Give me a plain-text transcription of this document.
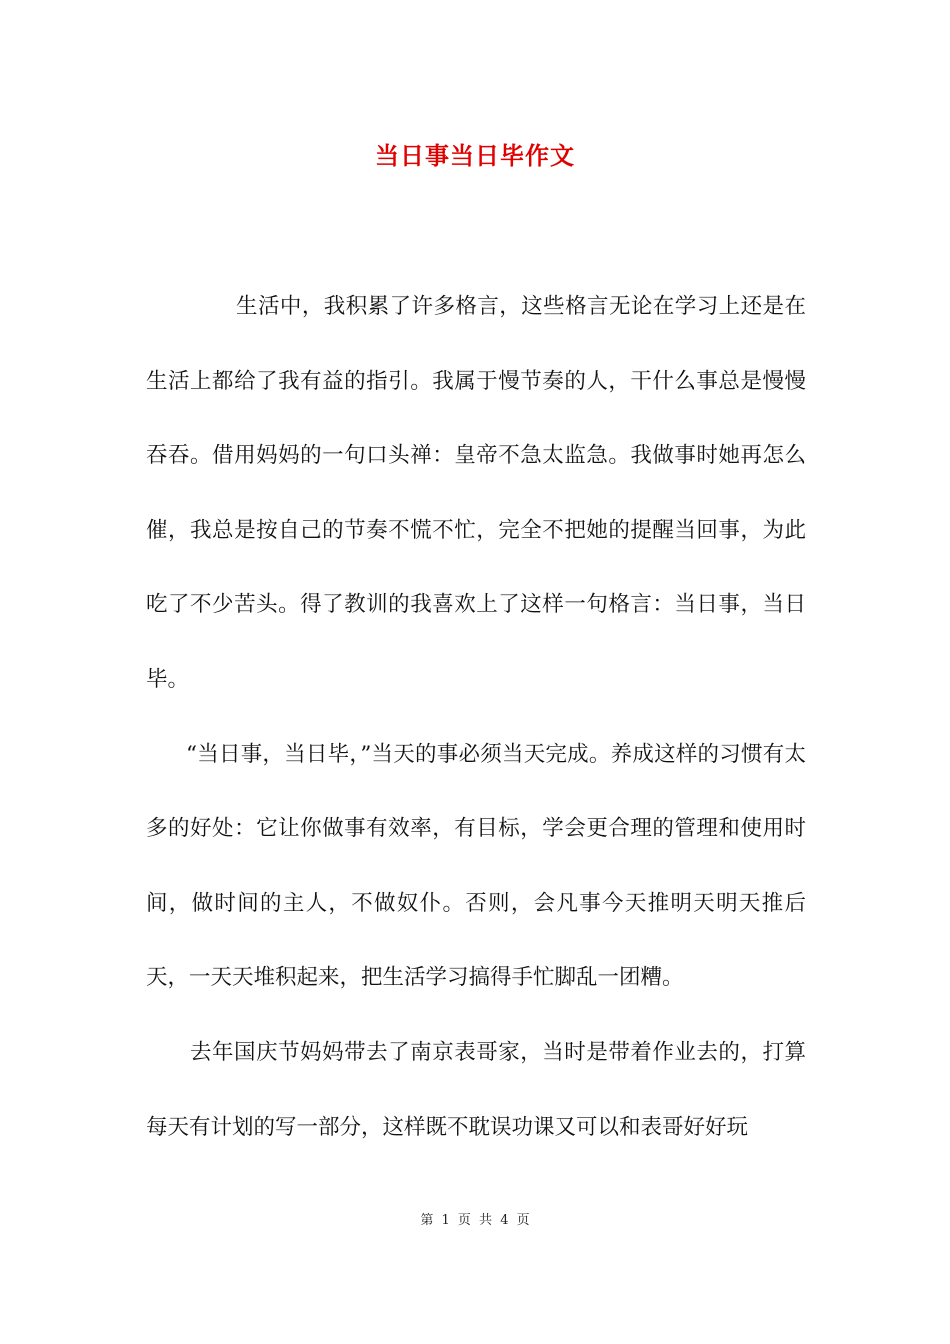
当日事当日毕作文

生活中，我积累了许多格言，这些格言无论在学习上还是在生活上都给了我有益的指引。我属于慢节奏的人，干什么事总是慢慢吞吞。借用妈妈的一句口头禅：皇帝不急太监急。我做事时她再怎么催，我总是按自己的节奏不慌不忙，完全不把她的提醒当回事，为此吃了不少苦头。得了教训的我喜欢上了这样一句格言：当日事，当日毕。

“当日事，当日毕，”当天的事必须当天完成。养成这样的习惯有太多的好处：它让你做事有效率，有目标，学会更合理的管理和使用时间，做时间的主人，不做奴仆。否则，会凡事今天推明天明天推后天，一天天堆积起来，把生活学习搞得手忙脚乱一团糟。

去年国庆节妈妈带去了南京表哥家，当时是带着作业去的，打算每天有计划的写一部分，这样既不耽误功课又可以和表哥好好玩

第 1 页 共 4 页
